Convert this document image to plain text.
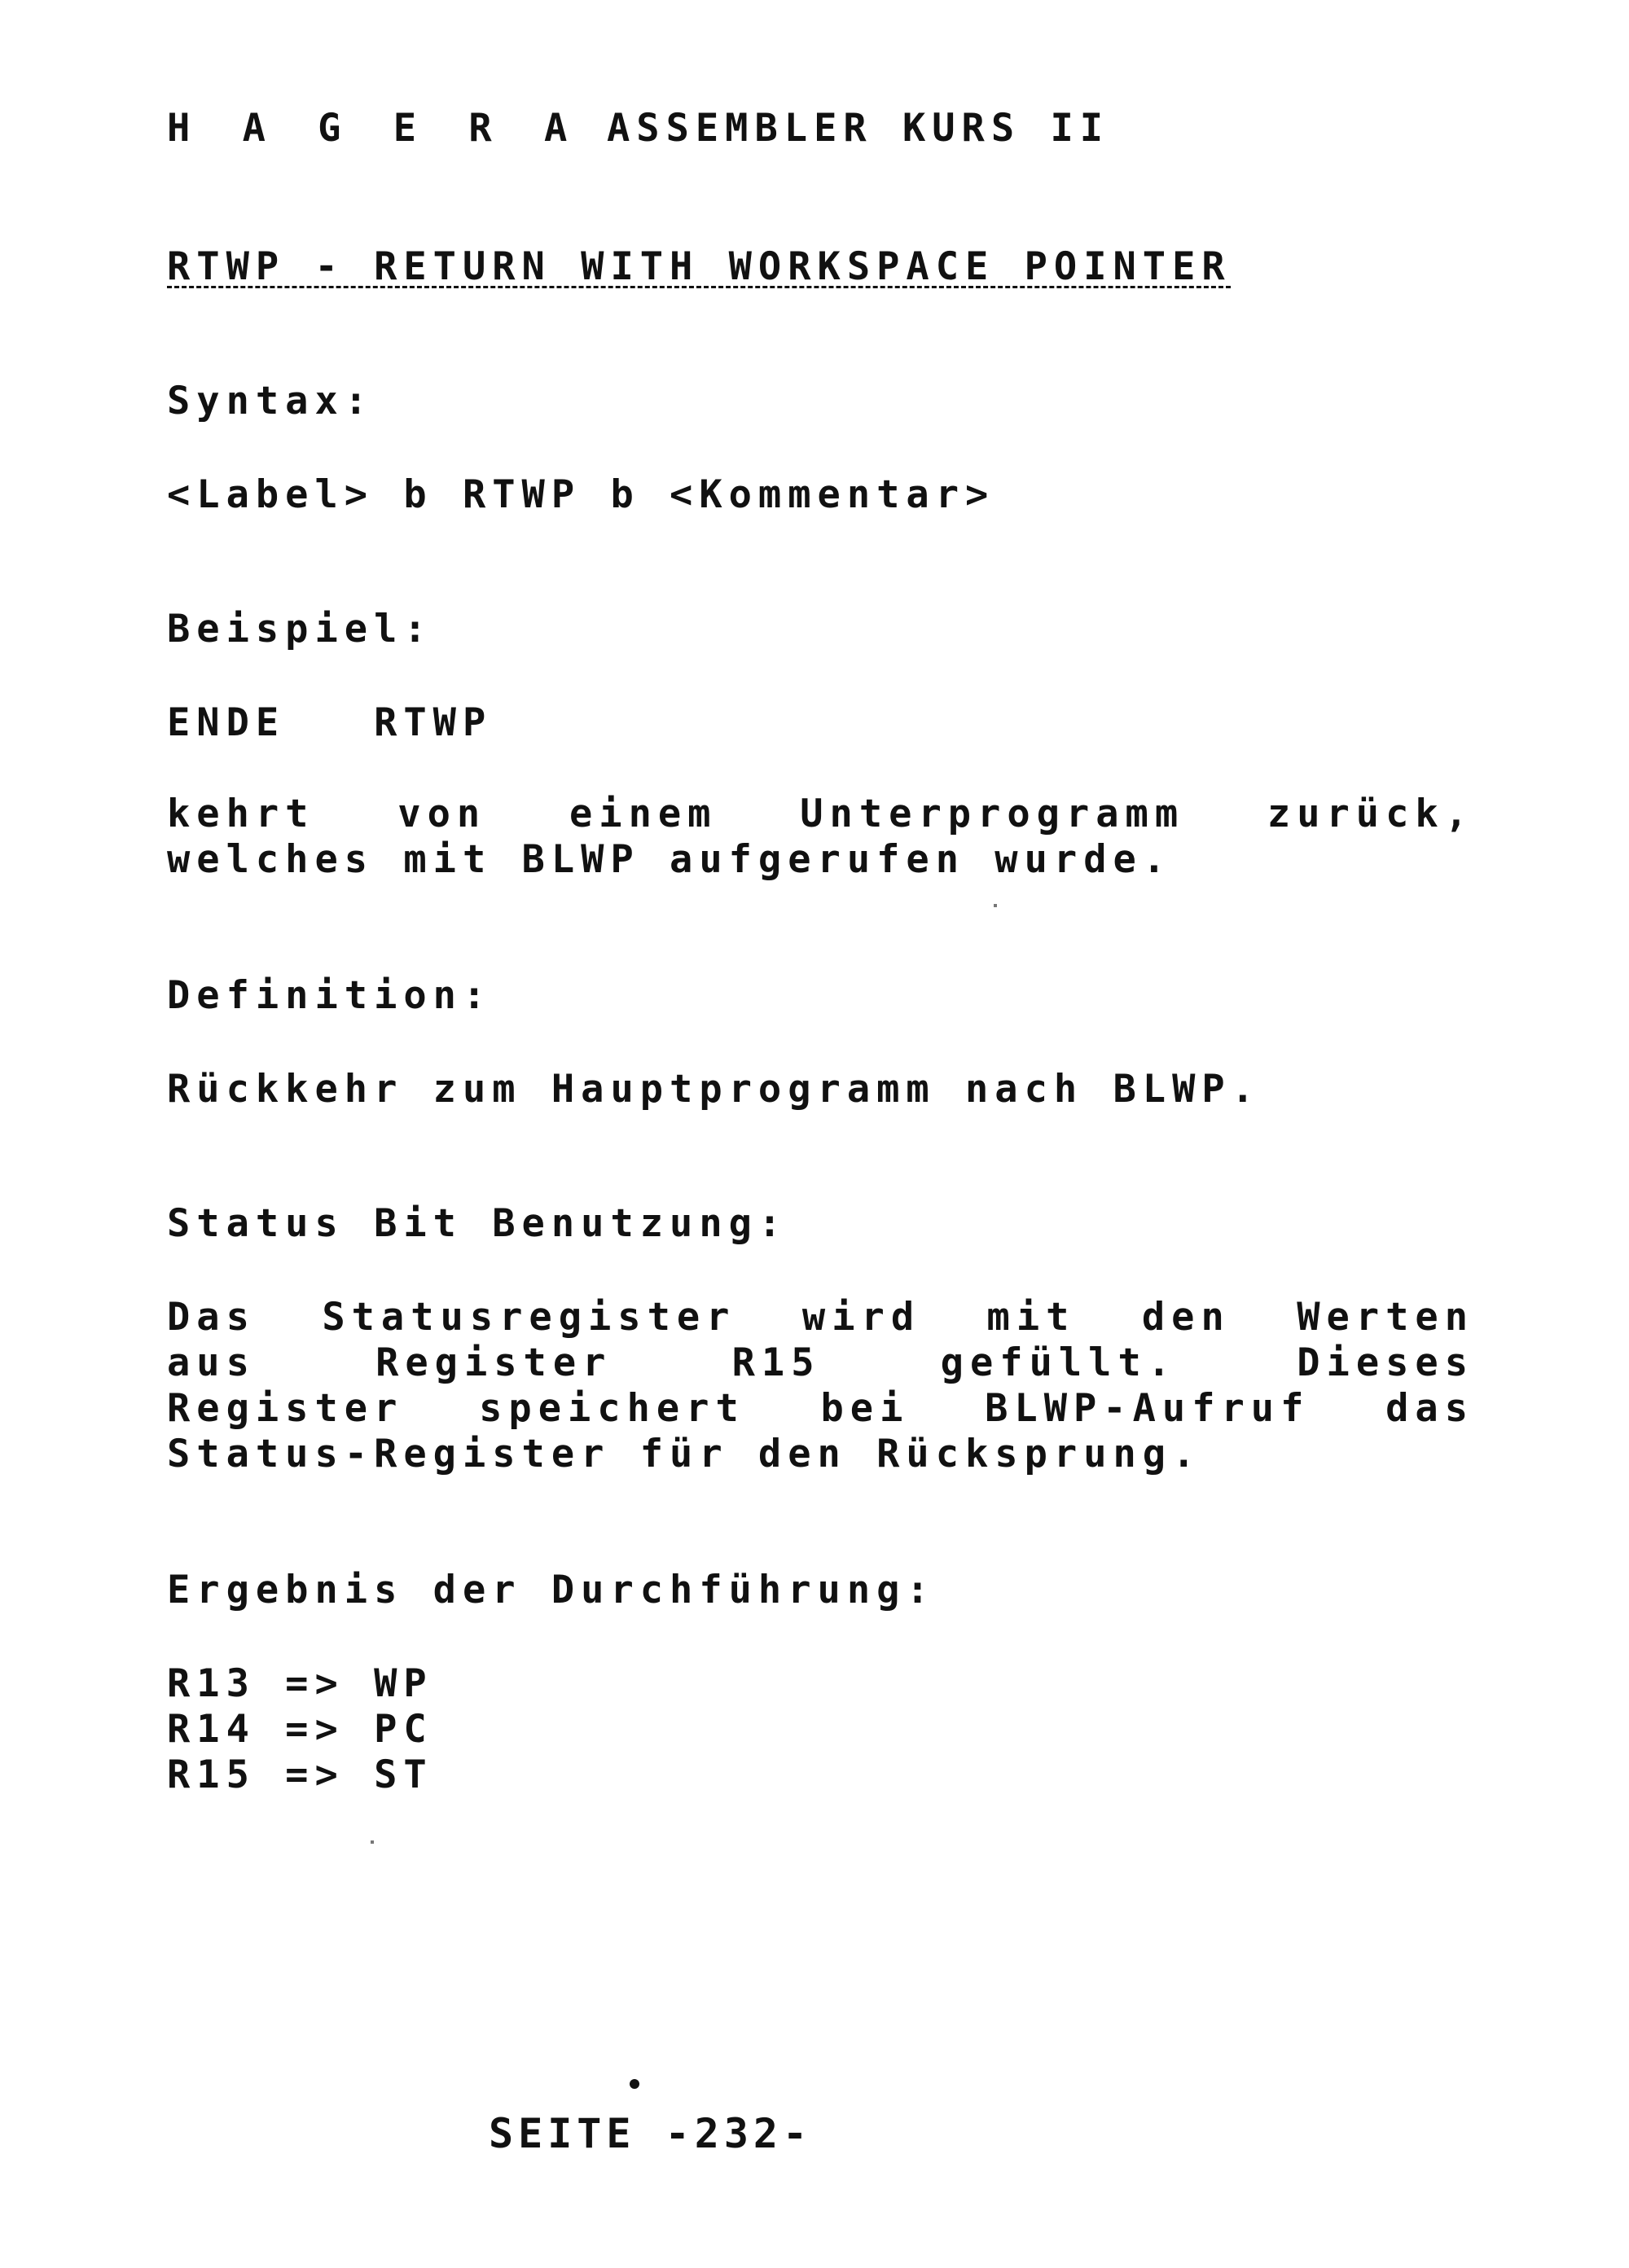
H A G E R A ASSEMBLER KURS II
RTWP - RETURN WITH WORKSPACE POINTER
Syntax:
<Label> b RTWP b <Kommentar>
Beispiel:
ENDE   RTWP
kehrt von einem Unterprogramm zurück,
welches mit BLWP aufgerufen wurde.
Definition:
Rückkehr zum Hauptprogramm nach BLWP.
Status Bit Benutzung:
Das Statusregister wird mit den Werten
aus Register R15 gefüllt. Dieses
Register speichert bei BLWP-Aufruf das
Status-Register für den Rücksprung.
Ergebnis der Durchführung:
R13 => WP
R14 => PC
R15 => ST
SEITE -232-
